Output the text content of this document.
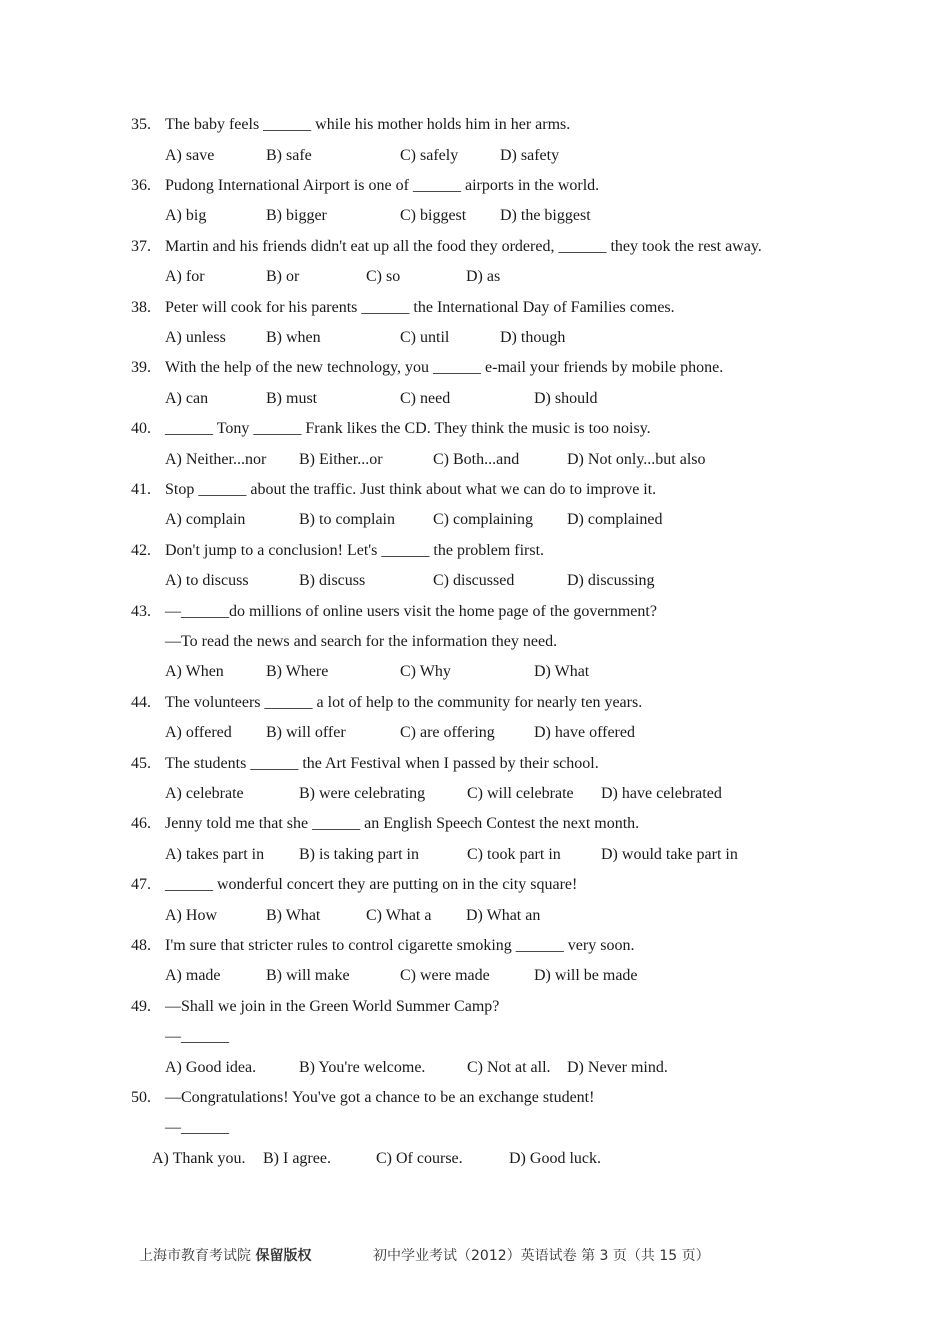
35. The baby feels ______ while his mother holds him in her arms.
A) save	B) safe	C) safely	D) safety
36. Pudong International Airport is one of ______ airports in the world.
A) big	B) bigger	C) biggest D) the biggest
37. Martin and his friends didn't eat up all the food they ordered, ______ they took the rest away.
A) for	B) or	C) so	D) as
38. Peter will cook for his parents ______ the International Day of Families comes.
A) unless	B) when	C) until	D) though
39. With the help of the new technology, you ______ e-mail your friends by mobile phone.
A) can	B) must	C) need	D) should
40. ______ Tony ______ Frank likes the CD. They think the music is too noisy.
A) Neither...nor B) Either...or	C) Both...and	D) Not only...but also
41. Stop ______ about the traffic. Just think about what we can do to improve it.
A) complain	B) to complain C) complaining D) complained
42. Don't jump to a conclusion! Let's ______ the problem first.
A) to discuss	B) discuss	C) discussed	D) discussing
43. —______do millions of online users visit the home page of the government?
—To read the news and search for the information they need.
A) When	B) Where	C) Why	D) What
44. The volunteers ______ a lot of help to the community for nearly ten years.
A) offered B) will offer	C) are offering D) have offered
45. The students ______ the Art Festival when I passed by their school.
A) celebrate	B) were celebrating	C) will celebrate D) have celebrated
46. Jenny told me that she ______ an English Speech Contest the next month.
A) takes part in B) is taking part in	C) took part in	D) would take part in
47. ______ wonderful concert they are putting on in the city square!
A) How	B) What	C) What a D) What an
48. I'm sure that stricter rules to control cigarette smoking ______ very soon.
A) made	B) will make	C) were made	D) will be made
49. —Shall we join in the Green World Summer Camp?
—______
A) Good idea.	B) You're welcome.	C) Not at all. D) Never mind.
50. —Congratulations! You've got a chance to be an exchange student!
—______
A) Thank you. B) I agree.	C) Of course.	D) Good luck.
上海市教育考试院 保留版权	初中学业考试（2012）英语试卷 第 3 页（共 15 页）
